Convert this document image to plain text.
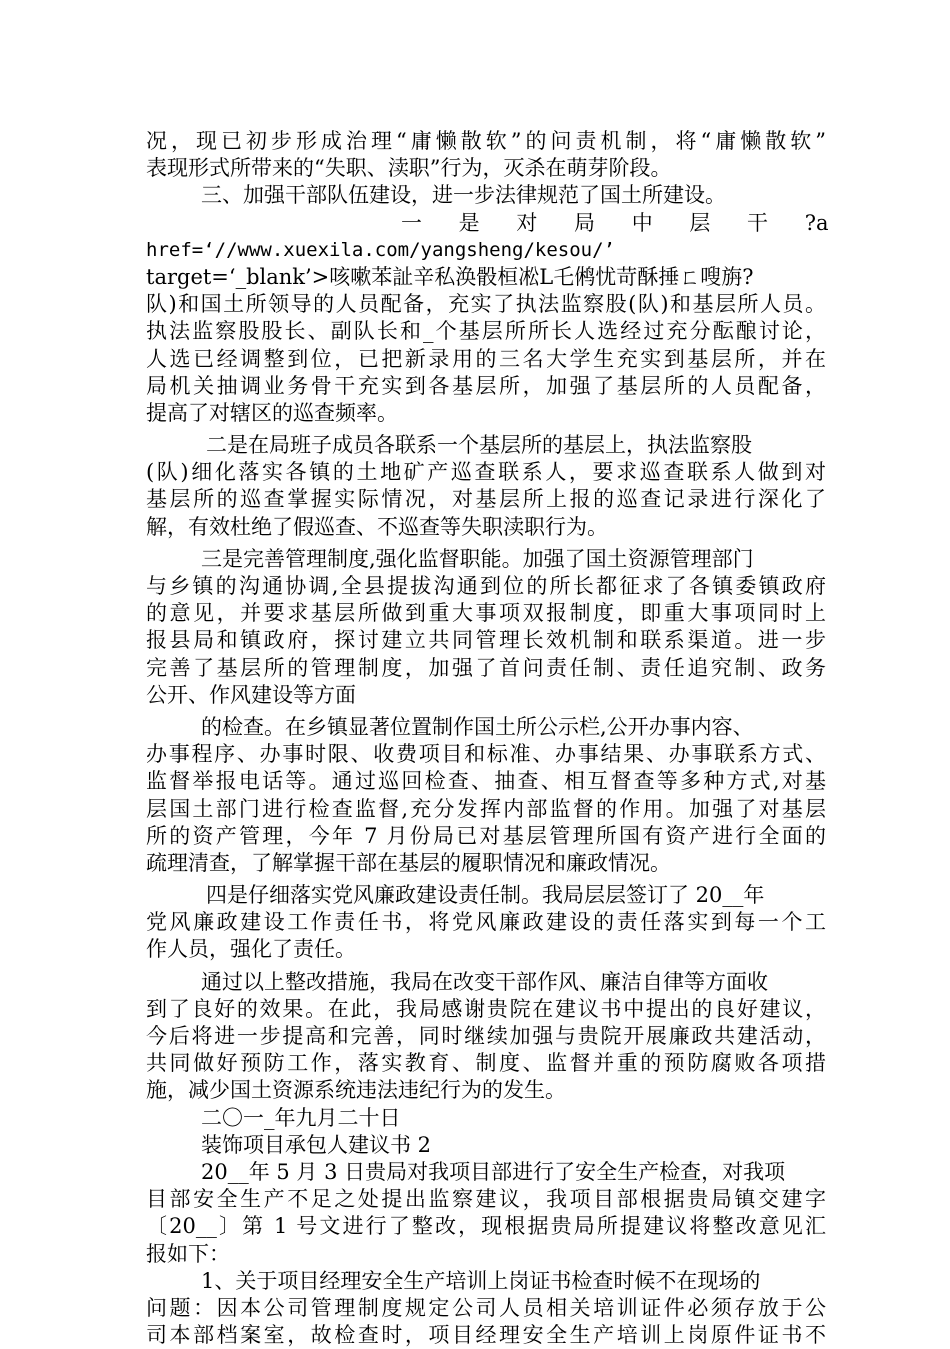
况，现已初步形成治理“庸懒散软”的问责机制，将“庸懒散软”
表现形式所带来的“失职、渎职”行为，灭杀在萌芽阶段。
三、加强干部队伍建设，进一步法律规范了国土所建设。
一 是 对 局 中 层 干 ?a
href=‘//www.xuexila.com/yangsheng/kesou/’
target=‘_blank’>咳嗽苯訨辛私涣骰桓凇L乇鸺忧苛酥捶ㄈ嗖旃?
队)和国土所领导的人员配备，充实了执法监察股(队)和基层所人员。
执法监察股股长、副队长和_个基层所所长人选经过充分酝酿讨论，
人选已经调整到位，已把新录用的三名大学生充实到基层所，并在
局机关抽调业务骨干充实到各基层所，加强了基层所的人员配备，
提高了对辖区的巡查频率。
二是在局班子成员各联系一个基层所的基层上，执法监察股
(队)细化落实各镇的土地矿产巡查联系人，要求巡查联系人做到对
基层所的巡查掌握实际情况，对基层所上报的巡查记录进行深化了
解，有效杜绝了假巡查、不巡查等失职渎职行为。
三是完善管理制度,强化监督职能。加强了国土资源管理部门
与乡镇的沟通协调,全县提拔沟通到位的所长都征求了各镇委镇政府
的意见，并要求基层所做到重大事项双报制度，即重大事项同时上
报县局和镇政府，探讨建立共同管理长效机制和联系渠道。进一步
完善了基层所的管理制度，加强了首问责任制、责任追究制、政务
公开、作风建设等方面
的检查。在乡镇显著位置制作国土所公示栏,公开办事内容、
办事程序、办事时限、收费项目和标准、办事结果、办事联系方式、
监督举报电话等。通过巡回检查、抽查、相互督查等多种方式,对基
层国土部门进行检查监督,充分发挥内部监督的作用。加强了对基层
所的资产管理，今年 7 月份局已对基层管理所国有资产进行全面的
疏理清查，了解掌握干部在基层的履职情况和廉政情况。
四是仔细落实党风廉政建设责任制。我局层层签订了 20__年
党风廉政建设工作责任书，将党风廉政建设的责任落实到每一个工
作人员，强化了责任。
通过以上整改措施，我局在改变干部作风、廉洁自律等方面收
到了良好的效果。在此，我局感谢贵院在建议书中提出的良好建议，
今后将进一步提高和完善，同时继续加强与贵院开展廉政共建活动，
共同做好预防工作，落实教育、制度、监督并重的预防腐败各项措
施，减少国土资源系统违法违纪行为的发生。
二〇一_年九月二十日
装饰项目承包人建议书 2
20__年 5 月 3 日贵局对我项目部进行了安全生产检查，对我项
目部安全生产不足之处提出监察建议，我项目部根据贵局镇交建字
〔20__〕第 1 号文进行了整改，现根据贵局所提建议将整改意见汇
报如下：
1、关于项目经理安全生产培训上岗证书检查时候不在现场的
问题：因本公司管理制度规定公司人员相关培训证件必须存放于公
司本部档案室，故检查时，项目经理安全生产培训上岗原件证书不
